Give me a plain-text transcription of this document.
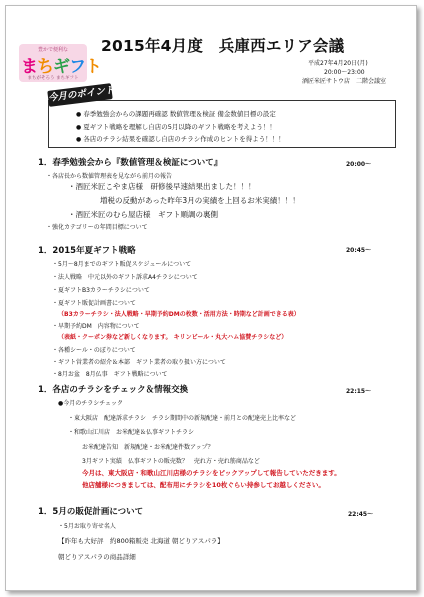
豊かで便利な
まちギフト
まちがそろう まちギフト
2015年4月度　兵庫西エリア会議
平成27年4月20日(月)
20:00～23:00
酒匠米匠サトウ店　二階会議室
今月のポイント
● 春季勉強会からの課題再確認 数値管理＆検証 備金数値目標の設定
● 夏ギフト戦略を理解し自店の5月以降のギフト戦略を考えよう！！
● 各店のチラシ結果を確認し自店のチラシ作成のヒントを得よう！！！
1．春季勉強会から『数値管理＆検証について』	20:00～
・各店長から数値管理表を見ながら前月の報告
・酒匠米匠こやま店様　研修後早速結果出ました！！！
増税の反動があった昨年3月の実績を上回るお米実績！！！
・酒匠米匠のむら屋店様　ギフト順調の裏側
・強化カテゴリーの年間目標について
1．2015年夏ギフト戦略	20:45～
・5月～8月までのギフト販促スケジュールについて
・法人戦略　中元以外のギフト訴求A4チラシについて
・夏ギフトB3カラーチラシについて
・夏ギフト販促計画書について
（B3カラーチラシ・法人戦略・早期予約DMの枚数・活用方法・時期など計画できる表）
・早期予約DM　内容物について
（表紙・クーポン券など新しくなります。 キリンビール・丸大ハム協賛チラシなど）
・各種シール・のぼりについて
・ギフト営業者の紹介＆本部　ギフト業者の取り扱い方について
・8月お盆　8月仏事　ギフト戦略について
1．各店のチラシをチェック＆情報交換	22:15～
●今月のチラシチェック
・東大阪店　配達訴求チラシ　チラシ期間中の新規配達・前月との配達売上比率など
・和歌山江川店　お米配達＆仏事ギフトチラシ
お米配達告知　新規配達・お米配達件数アップ？
3月ギフト実績　仏事ギフトの販売数？　売れ方・売れ筋商品など
今月は、東大阪店・和歌山江川店様のチラシをピックアップして報告していただきます。
他店舗様につきましては、配布用にチラシを10枚ぐらい持参してお越しください。
1．5月の販促計画について	22:45～
・5月お取り寄せ名人
【昨年も大好評　約800箱販売 北海道 朝どりアスパラ】
朝どりアスパラの商品詳細
